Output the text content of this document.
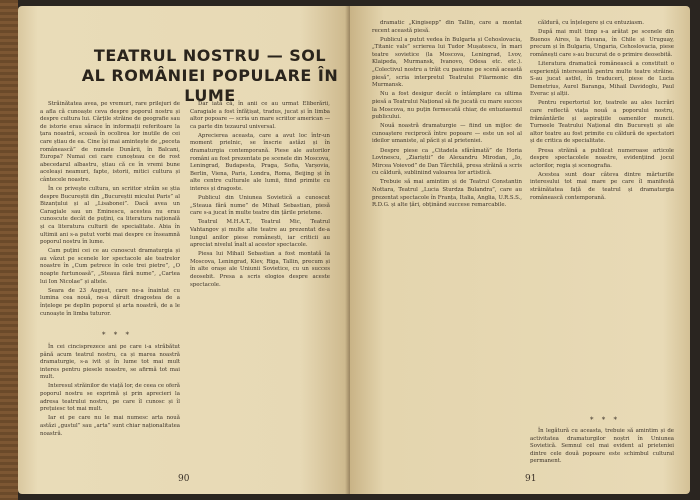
TEATRUL NOSTRU — SOL
AL ROMÂNIEI POPULARE ÎN LUME

Străinătatea avea, pe vremuri, rare prilejuri de a afla că cunoaște ceva despre poporul nostru și despre cultura lui. Cărțile străine de geografie sau de istorie erau sărace în informații referitoare la țara noastră, scoasă în ocolirea lor inutile de cei care știau de ea. Cine își mai amintește de „peceta românească” de numele Dunării, în Balcani, Europa? Numai cei care cunoșteau ce de rost abecedarul albastru, știau că ce în vremi bune aceleași neamuri, fapte, istorii, mitici cultura și cântecele noastre.

În ce privește cultura, un scriitor străin se știa despre Bucureștii din „Bucureștii micului Paris” al Bizanțului și al „Lisabonei”. Dacă avea un Caragiale sau un Eminescu, acestea nu erau cunoscute decât de puțini, ca literatura națională și ca literatura culturii de specialitate. Abia în ultimii ani s-a putut vorbi mai despre ce înseamnă poporul nostru în lume.

Cam puțini cei ce au cunoscut dramaturgia și au văzut pe scenele lor spectacole ale teatrelor noastre în „Cum petrece în cele trei pietre”, „O noapte furtunoasă”, „Steaua fără nume”, „Cartea lui Ion Nicolae” și altele.

Seara de 23 August, care ne-a înaintat cu lumina cea nouă, ne-a dăruit dragostea de a înțelege pe deplin poporul și arta noastră, de a le cunoaște în limba tuturor.

* * *

În cei cincisprezece ani pe care i-a străbătut până acum teatrul nostru, ca și marea noastră dramaturgie, s-a ivit și în lume tot mai mult interes pentru piesele noastre, se afirmă tot mai mult.

Interesul străinilor de viață lor, de ceea ce oferă poporul nostru se exprimă și prin aprecieri la adresa teatrului nostru, pe care îl cunosc și îl prețuiesc tot mai mult.

Iar ei pe care nu le mai numesc arta nouă astăzi „gustul” sau „arta” sunt chiar naționalitatea noastră.

Dar iată că, în anii ce au urmat Eliberării, Caragiale a fost înfățișat, tradus, jucat și în limba altor popoare — scria un mare scriitor american — ca parte din tezaurul universal.

Aprecierea aceasta, care a avut loc într-un moment prielnic, se înscrie astăzi și în dramaturgia contemporană. Piese ale autorilor români au fost prezentate pe scenele din Moscova, Leningrad, Budapesta, Praga, Sofia, Varșovia, Berlin, Viena, Paris, Londra, Roma, Beijing și în alte centre culturale ale lumii, fiind primite cu interes și dragoste.

Publicul din Uniunea Sovietică a cunoscut „Steaua fără nume” de Mihail Sebastian, piesă care s-a jucat în multe teatre din țările prietene.

Teatrul M.H.A.T., Teatrul Mic, Teatrul Vahtangov și multe alte teatre au prezentat de-a lungul anilor piese românești, iar criticii au apreciat nivelul înalt al acestor spectacole.

Piesa lui Mihail Sebastian a fost montată la Moscova, Leningrad, Kiev, Riga, Tallin, precum și în alte orașe ale Uniunii Sovietice, cu un succes deosebit. Presa a scris elogios despre aceste spectacole.

90

dramatic „Kingisepp” din Tallin, care a montat recent această piesă.

Publicul a putut vedea în Bulgaria și Cehoslovacia, „Titanic vals” scrierea lui Tudor Mușatescu, în mari teatre sovietice (la Moscova, Leningrad, Lvov, Klaipeda, Murmansk, Ivanovo, Odesa etc. etc.). „Colectivul nostru a trăit cu pasiune pe scenă această piesă”, scria interpretul Teatrului Filarmonic din Murmansk.

Nu a fost desigur decât o întâmplare ca ultima piesă a Teatrului Național să fie jucată cu mare succes la Moscova, nu puțin fermecată chiar, de entuziasmul publicului.

Nouă noastră dramaturgie — fiind un mijloc de cunoaștere reciprocă între popoare — este un sol al ideilor umaniste, al păcii și al prieteniei.

Despre piese ca „Citadela sfărâmată” de Horia Lovinescu, „Ziariștii” de Alexandru Mirodan, „Io, Mircea Voievod” de Dan Tărchilă, presa străină a scris cu căldură, subliniind valoarea lor artistică.

Trebuie să mai amintim și de Teatrul Constantin Nottara, Teatrul „Lucia Sturdza Bulandra”, care au prezentat spectacole în Franța, Italia, Anglia, U.R.S.S., R.D.G. și alte țări, obținând succese remarcabile.

căldură, cu înțelegere și cu entuziasm.

După mai mult timp s-a arătat pe scenele din Buenos Aires, la Havana, în Chile și Uruguay, precum și în Bulgaria, Ungaria, Cehoslovacia, piese românești care s-au bucurat de o primire deosebită.

Literatura dramatică românească a constituit o experiență interesantă pentru multe teatre străine. S-au jucat astfel, în traduceri, piese de Lucia Demetrius, Aurel Baranga, Mihail Davidoglu, Paul Everac și alții.

Pentru repertoriul lor, teatrele au ales lucrări care reflectă viața nouă a poporului nostru, frământările și aspirațiile oamenilor muncii. Turneele Teatrului Național din București și ale altor teatre au fost primite cu căldură de spectatori și de critica de specialitate.

Presa străină a publicat numeroase articole despre spectacolele noastre, evidențiind jocul actorilor, regia și scenografia.

Acestea sunt doar câteva dintre mărturiile interesului tot mai mare pe care îl manifestă străinătatea față de teatrul și dramaturgia românească contemporană.

* * *

În legătură cu aceasta, trebuie să amintim și de activitatea dramaturgilor noștri în Uniunea Sovietică. Semnul cel mai evident al prieteniei dintre cele două popoare este schimbul cultural permanent.

91
